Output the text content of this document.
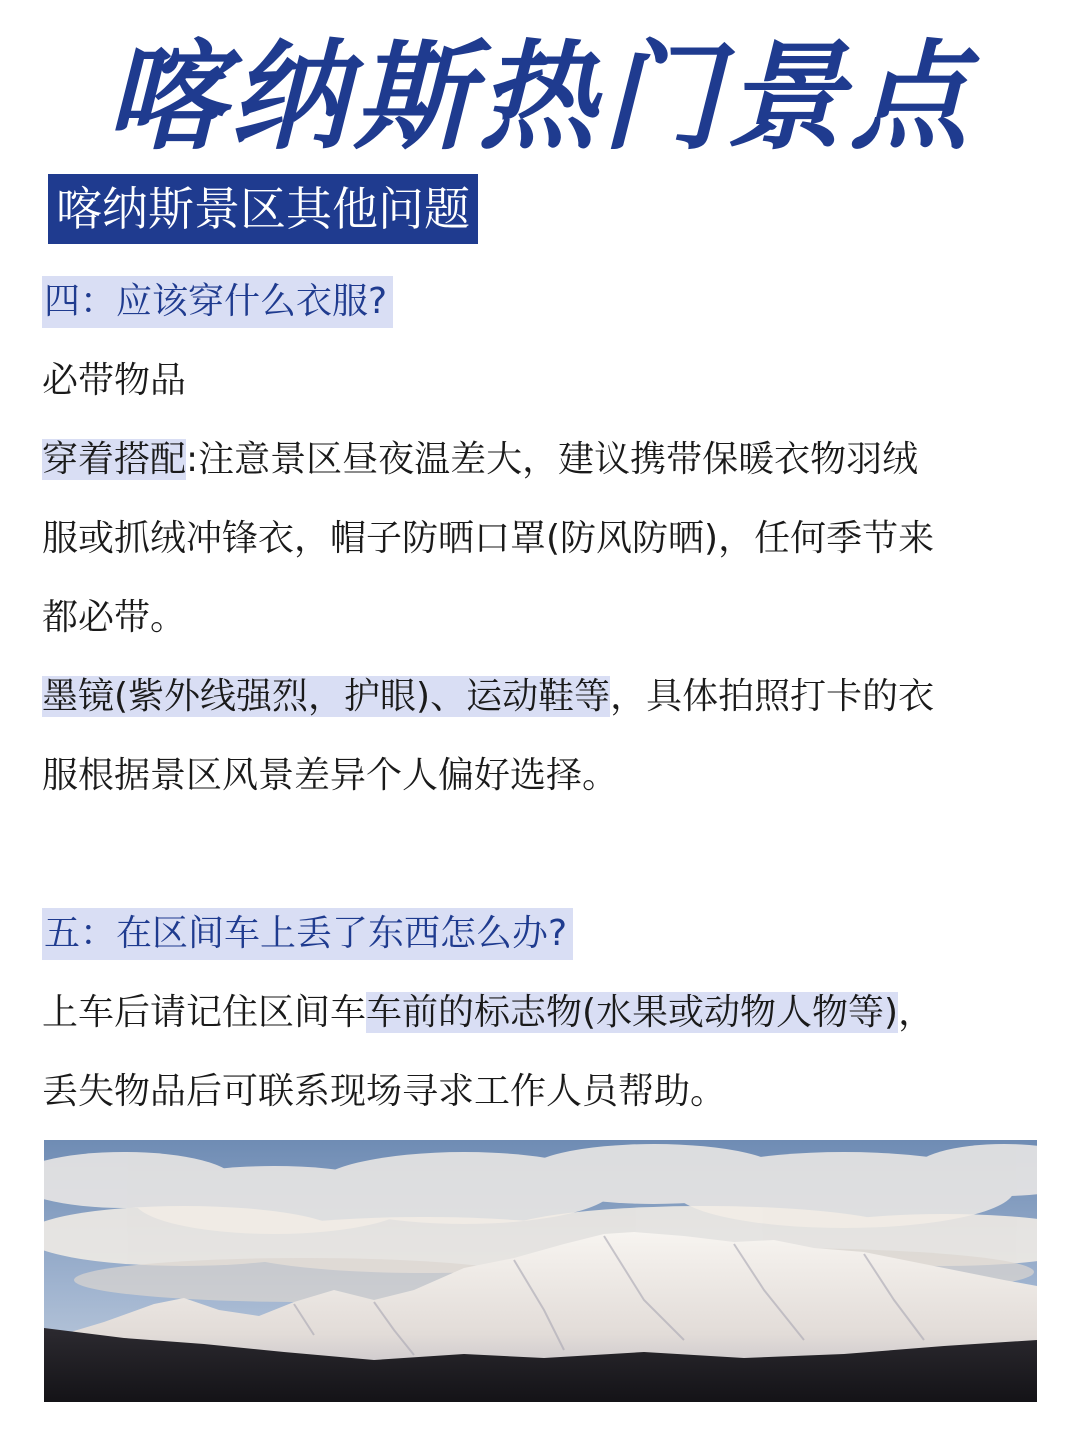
喀纳斯热门景点
喀纳斯景区其他问题
四：应该穿什么衣服?
必带物品
穿着搭配:注意景区昼夜温差大，建议携带保暖衣物羽绒
服或抓绒冲锋衣，帽子防晒口罩(防风防晒)，任何季节来
都必带。
墨镜(紫外线强烈，护眼)、运动鞋等，具体拍照打卡的衣
服根据景区风景差异个人偏好选择。
五：在区间车上丢了东西怎么办?
上车后请记住区间车车前的标志物(水果或动物人物等)，
丢失物品后可联系现场寻求工作人员帮助。
